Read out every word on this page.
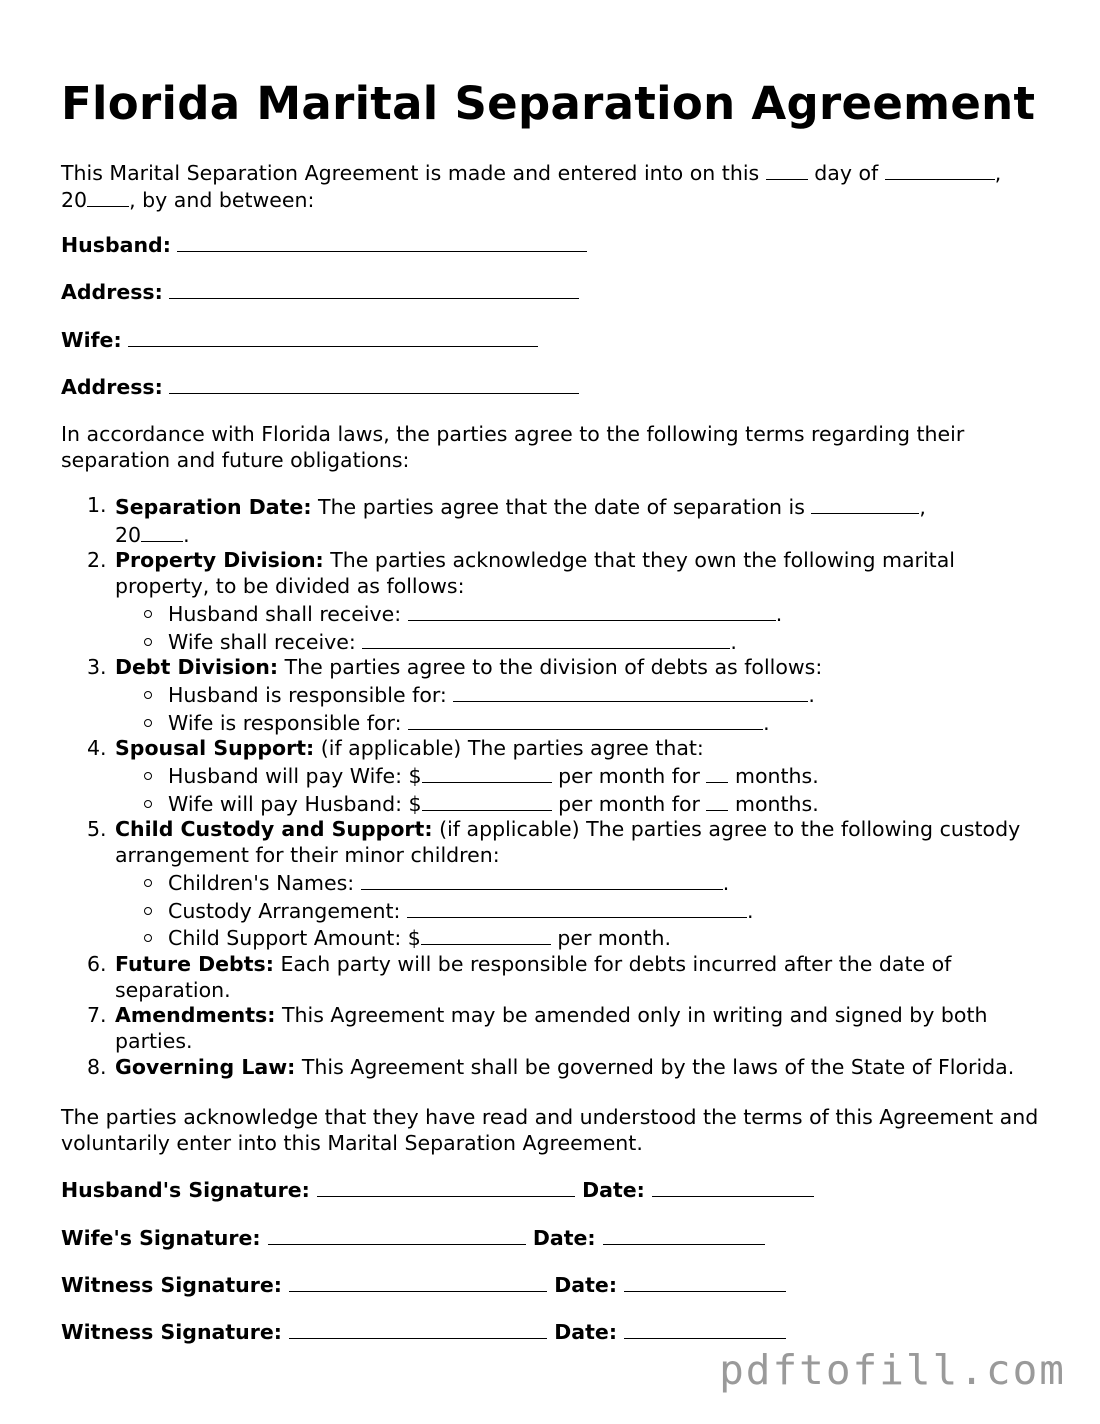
Florida Marital Separation Agreement
This Marital Separation Agreement is made and entered into on this	day of	,
20 , by and between:
Husband:
Address:
Wife:
Address:
In accordance with Florida laws, the parties agree to the following terms regarding their separation and future obligations:
1. Separation Date: The parties agree that the date of separation is	,
20 .
2. Property Division: The parties acknowledge that they own the following marital property, to be divided as follows:
Husband shall receive:	.
Wife shall receive:	.
3. Debt Division: The parties agree to the division of debts as follows:
Husband is responsible for:	.
Wife is responsible for:	.
4. Spousal Support: (if applicable) The parties agree that:
Husband will pay Wife: $	per month for months.
Wife will pay Husband: $	per month for months.
5. Child Custody and Support: (if applicable) The parties agree to the following custody arrangement for their minor children:
Children's Names:	.
Custody Arrangement:	.
Child Support Amount: $	per month.
6. Future Debts: Each party will be responsible for debts incurred after the date of separation.
7. Amendments: This Agreement may be amended only in writing and signed by both parties.
8. Governing Law: This Agreement shall be governed by the laws of the State of Florida.
The parties acknowledge that they have read and understood the terms of this Agreement and voluntarily enter into this Marital Separation Agreement.
Husband's Signature:	Date:
Wife's Signature:	Date:
Witness Signature:	Date:
Witness Signature:	Date:
pdftofill.com
